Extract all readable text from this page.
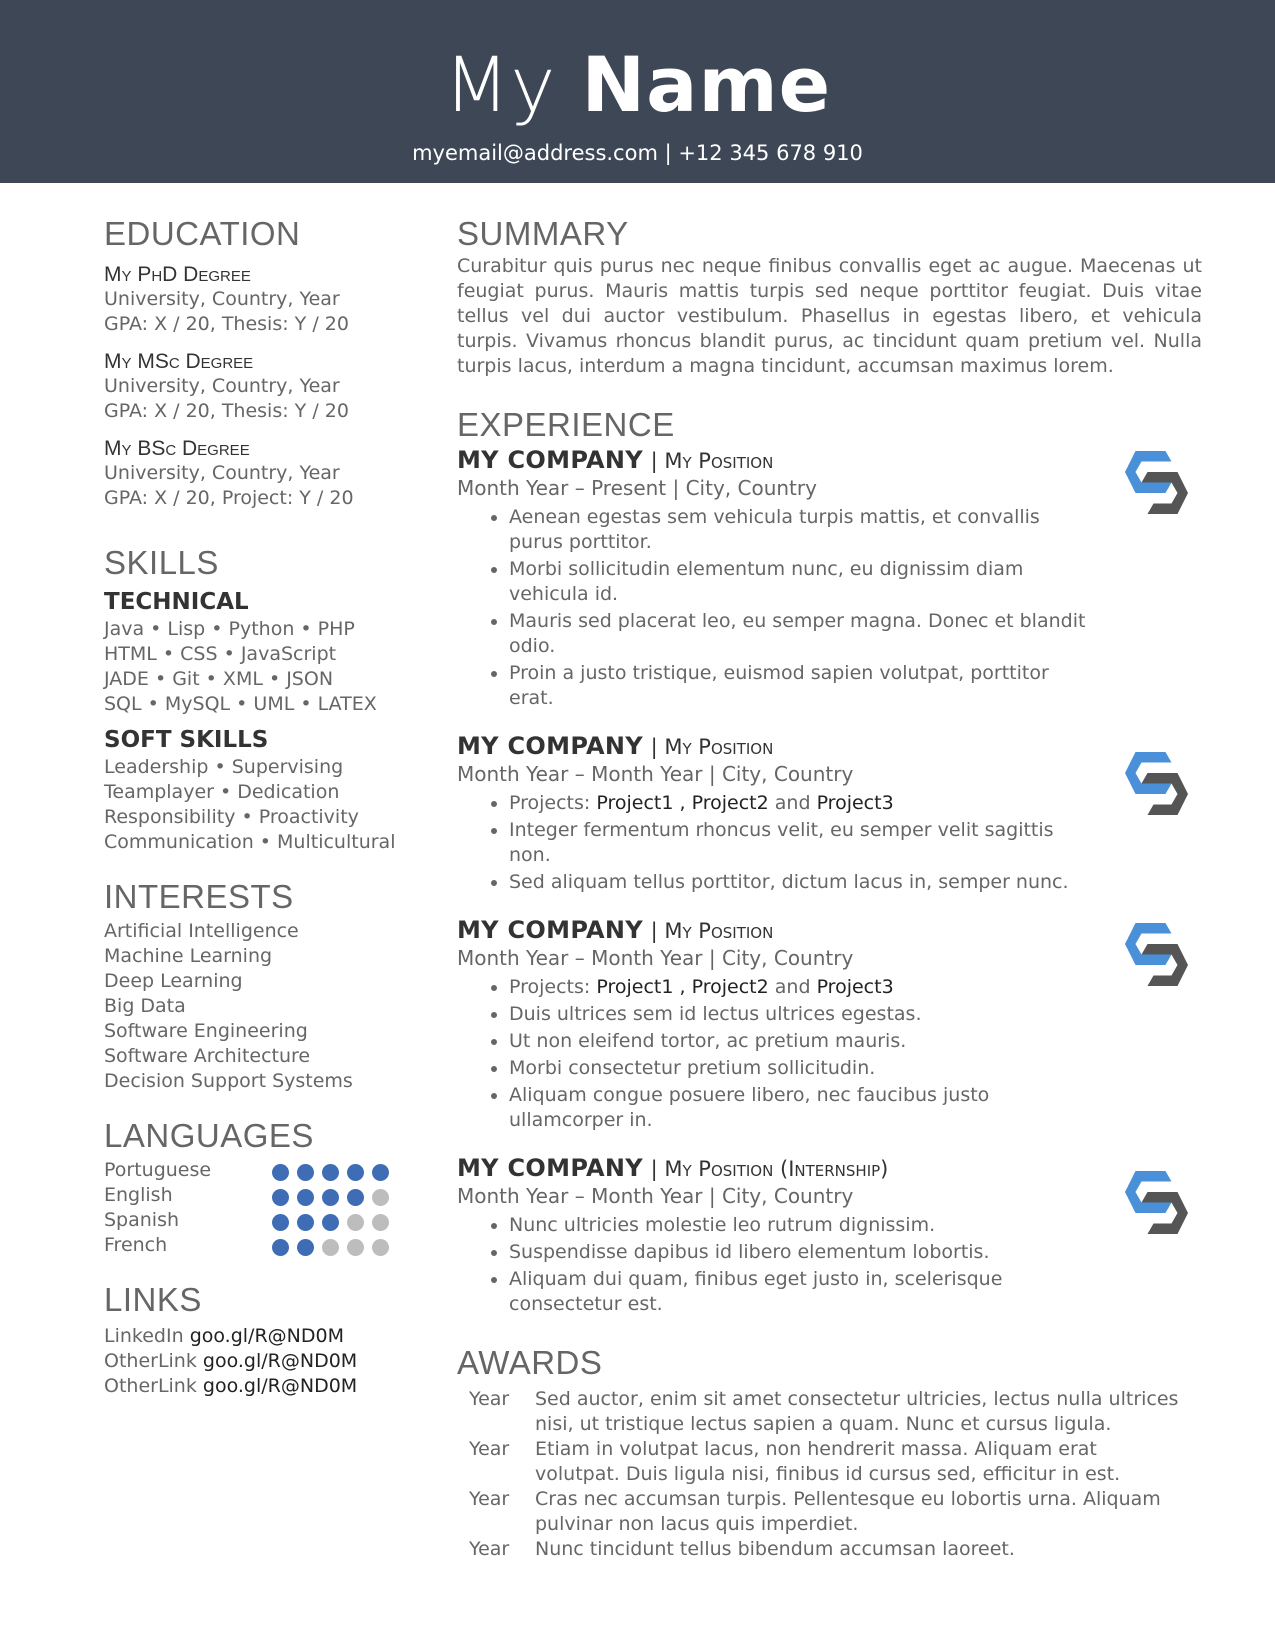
My Name
myemail@address.com | +12 345 678 910
EDUCATION
My PhD Degree
University, Country, Year
GPA: X / 20, Thesis: Y / 20
My MSc Degree
University, Country, Year
GPA: X / 20, Thesis: Y / 20
My BSc Degree
University, Country, Year
GPA: X / 20, Project: Y / 20
SKILLS
TECHNICAL
Java • Lisp • Python • PHP
HTML • CSS • JavaScript
JADE • Git • XML • JSON
SQL • MySQL • UML • LATEX
SOFT SKILLS
Leadership • Supervising
Teamplayer • Dedication
Responsibility • Proactivity
Communication • Multicultural
INTERESTS
Artificial Intelligence
Machine Learning
Deep Learning
Big Data
Software Engineering
Software Architecture
Decision Support Systems
LANGUAGES
Portuguese
English
Spanish
French
LINKS
LinkedIn goo.gl/R@ND0M
OtherLink goo.gl/R@ND0M
OtherLink goo.gl/R@ND0M
SUMMARY
Curabitur quis purus nec neque finibus convallis eget ac augue. Maecenas ut feugiat purus. Mauris mattis turpis sed neque porttitor feugiat. Duis vitae tellus vel dui auctor vestibulum. Phasellus in egestas libero, et vehicula turpis. Vivamus rhoncus blandit purus, ac tincidunt quam pretium vel. Nulla turpis lacus, interdum a magna tincidunt, accumsan maximus lorem.
EXPERIENCE
MY COMPANY | My Position
Month Year – Present | City, Country
• Aenean egestas sem vehicula turpis mattis, et convallis purus porttitor.
• Morbi sollicitudin elementum nunc, eu dignissim diam vehicula id.
• Mauris sed placerat leo, eu semper magna. Donec et blandit odio.
• Proin a justo tristique, euismod sapien volutpat, porttitor erat.
MY COMPANY | My Position
Month Year – Month Year | City, Country
• Projects: Project1 , Project2 and Project3
• Integer fermentum rhoncus velit, eu semper velit sagittis non.
• Sed aliquam tellus porttitor, dictum lacus in, semper nunc.
MY COMPANY | My Position
Month Year – Month Year | City, Country
• Projects: Project1 , Project2 and Project3
• Duis ultrices sem id lectus ultrices egestas.
• Ut non eleifend tortor, ac pretium mauris.
• Morbi consectetur pretium sollicitudin.
• Aliquam congue posuere libero, nec faucibus justo ullamcorper in.
MY COMPANY | My Position (Internship)
Month Year – Month Year | City, Country
• Nunc ultricies molestie leo rutrum dignissim.
• Suspendisse dapibus id libero elementum lobortis.
• Aliquam dui quam, finibus eget justo in, scelerisque consectetur est.
AWARDS
Year	Sed auctor, enim sit amet consectetur ultricies, lectus nulla ultrices nisi, ut tristique lectus sapien a quam. Nunc et cursus ligula.
Year	Etiam in volutpat lacus, non hendrerit massa. Aliquam erat volutpat. Duis ligula nisi, finibus id cursus sed, efficitur in est.
Year	Cras nec accumsan turpis. Pellentesque eu lobortis urna. Aliquam pulvinar non lacus quis imperdiet.
Year	Nunc tincidunt tellus bibendum accumsan laoreet.
